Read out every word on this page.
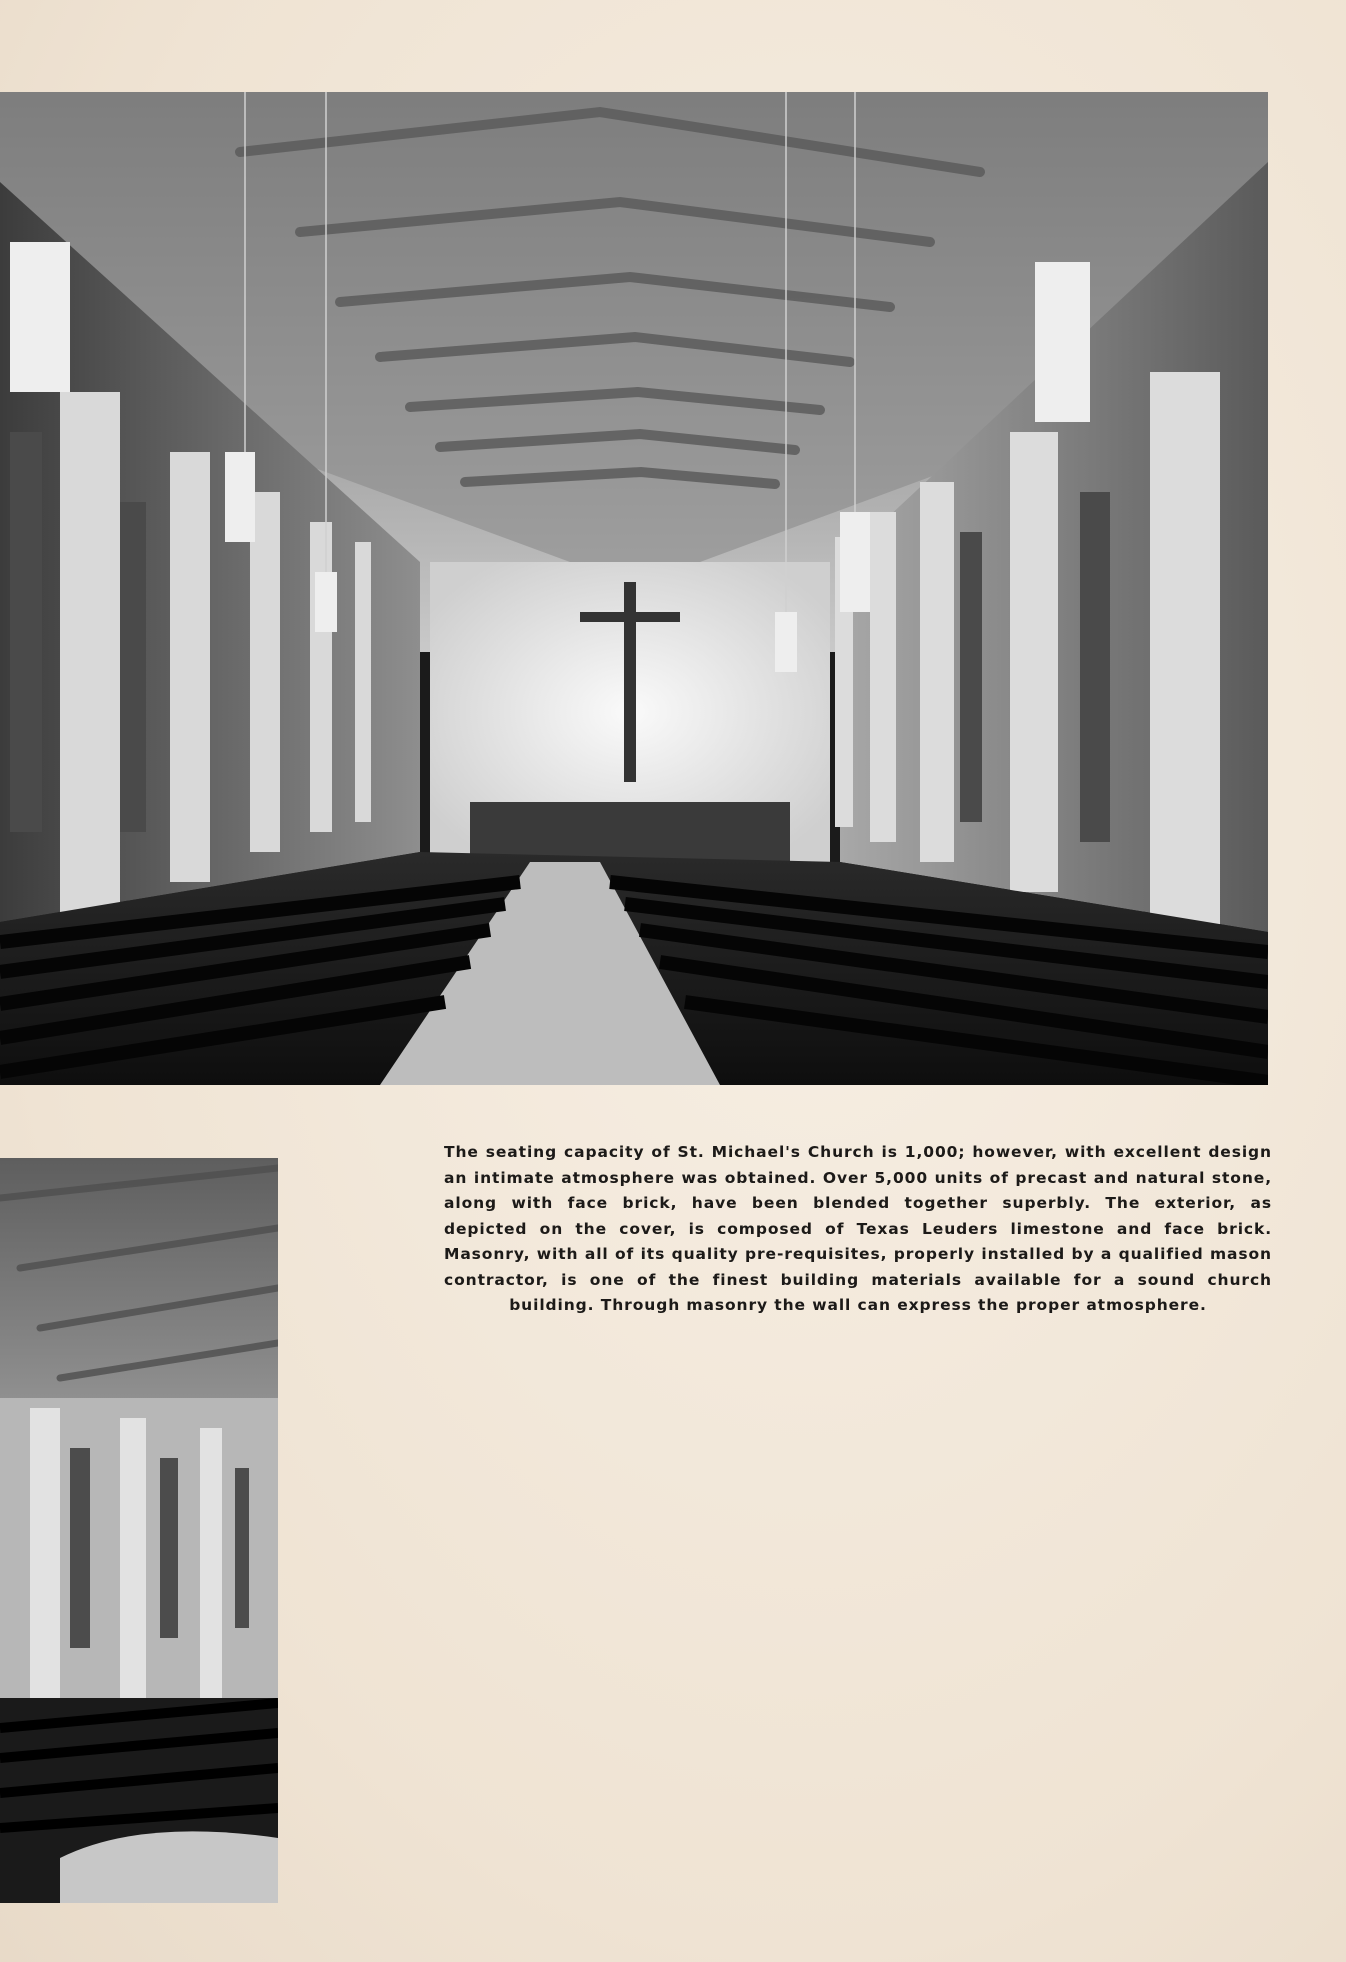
The seating capacity of St. Michael's Church is 1,000; however, with excellent design an intimate atmosphere was obtained. Over 5,000 units of precast and natural stone, along with face brick, have been blended together superbly. The exterior, as depicted on the cover, is composed of Texas Leuders limestone and face brick. Masonry, with all of its quality pre-requisites, properly installed by a qualified mason contractor, is one of the finest building materials available for a sound church building. Through masonry the wall can express the proper atmosphere.
